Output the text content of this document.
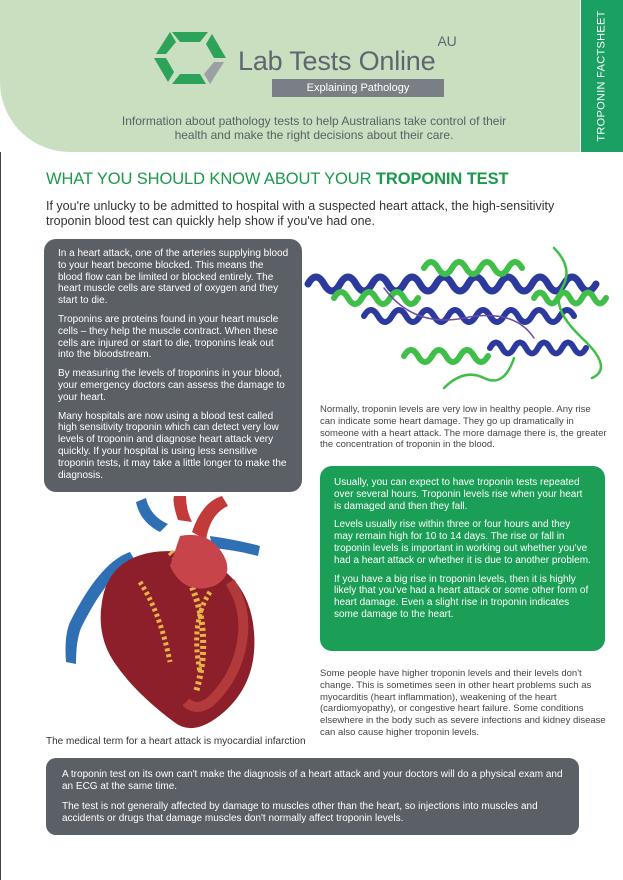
TROPONIN FACTSHEET
Lab Tests Online$^{AU}$
Explaining Pathology
Information about pathology tests to help Australians take control of their health and make the right decisions about their care.
WHAT YOU SHOULD KNOW ABOUT YOUR TROPONIN TEST
If you're unlucky to be admitted to hospital with a suspected heart attack, the high-sensitivity troponin blood test can quickly help show if you've had one.

In a heart attack, one of the arteries supplying blood to your heart become blocked. This means the blood flow can be limited or blocked entirely. The heart muscle cells are starved of oxygen and they start to die.

Troponins are proteins found in your heart muscle cells – they help the muscle contract. When these cells are injured or start to die, troponins leak out into the bloodstream.

By measuring the levels of troponins in your blood, your emergency doctors can assess the damage to your heart.

Many hospitals are now using a blood test called high sensitivity troponin which can detect very low levels of troponin and diagnose heart attack very quickly. If your hospital is using less sensitive troponin tests, it may take a little longer to make the diagnosis.

Normally, troponin levels are very low in healthy people. Any rise can indicate some heart damage. They go up dramatically in someone with a heart attack. The more damage there is, the greater the concentration of troponin in the blood.

Usually, you can expect to have troponin tests repeated over several hours. Troponin levels rise when your heart is damaged and then they fall.

Levels usually rise within three or four hours and they may remain high for 10 to 14 days. The rise or fall in troponin levels is important in working out whether you've had a heart attack or whether it is due to another problem.

If you have a big rise in troponin levels, then it is highly likely that you've had a heart attack or some other form of heart damage. Even a slight rise in troponin indicates some damage to the heart.

The medical term for a heart attack is myocardial infarction
Some people have higher troponin levels and their levels don't change. This is sometimes seen in other heart problems such as myocarditis (heart inflammation), weakening of the heart (cardiomyopathy), or congestive heart failure. Some conditions elsewhere in the body such as severe infections and kidney disease can also cause higher troponin levels.

A troponin test on its own can't make the diagnosis of a heart attack and your doctors will do a physical exam and an ECG at the same time.

The test is not generally affected by damage to muscles other than the heart, so injections into muscles and accidents or drugs that damage muscles don't normally affect troponin levels.
